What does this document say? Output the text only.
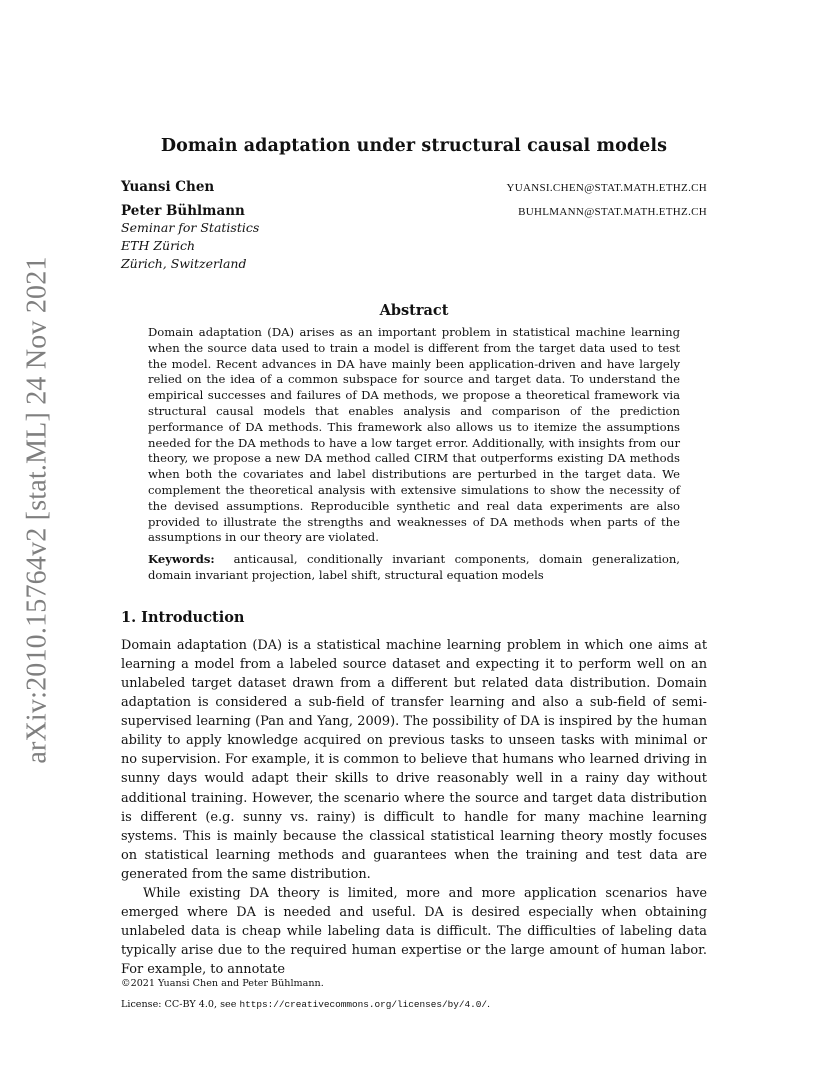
arXiv:2010.15764v2 [stat.ML] 24 Nov 2021
Domain adaptation under structural causal models
Yuansi Chen	YUANSI.CHEN@STAT.MATH.ETHZ.CH
Peter Bühlmann	BUHLMANN@STAT.MATH.ETHZ.CH
Seminar for Statistics
ETH Zürich
Zürich, Switzerland
Abstract

Domain adaptation (DA) arises as an important problem in statistical machine learning when the source data used to train a model is different from the target data used to test the model. Recent advances in DA have mainly been application-driven and have largely relied on the idea of a common subspace for source and target data. To understand the empirical successes and failures of DA methods, we propose a theoretical framework via structural causal models that enables analysis and comparison of the prediction performance of DA methods. This framework also allows us to itemize the assumptions needed for the DA methods to have a low target error. Additionally, with insights from our theory, we propose a new DA method called CIRM that outperforms existing DA methods when both the covariates and label distributions are perturbed in the target data. We complement the theoretical analysis with extensive simulations to show the necessity of the devised assumptions. Reproducible synthetic and real data experiments are also provided to illustrate the strengths and weaknesses of DA methods when parts of the assumptions in our theory are violated.

Keywords: anticausal, conditionally invariant components, domain generalization, domain invariant projection, label shift, structural equation models

1. Introduction

Domain adaptation (DA) is a statistical machine learning problem in which one aims at learning a model from a labeled source dataset and expecting it to perform well on an unlabeled target dataset drawn from a different but related data distribution. Domain adaptation is considered a sub-field of transfer learning and also a sub-field of semi-supervised learning (Pan and Yang, 2009). The possibility of DA is inspired by the human ability to apply knowledge acquired on previous tasks to unseen tasks with minimal or no supervision. For example, it is common to believe that humans who learned driving in sunny days would adapt their skills to drive reasonably well in a rainy day without additional training. However, the scenario where the source and target data distribution is different (e.g. sunny vs. rainy) is difficult to handle for many machine learning systems. This is mainly because the classical statistical learning theory mostly focuses on statistical learning methods and guarantees when the training and test data are generated from the same distribution.

While existing DA theory is limited, more and more application scenarios have emerged where DA is needed and useful. DA is desired especially when obtaining unlabeled data is cheap while labeling data is difficult. The difficulties of labeling data typically arise due to the required human expertise or the large amount of human labor. For example, to annotate

©2021 Yuansi Chen and Peter Bühlmann.

License: CC-BY 4.0, see https://creativecommons.org/licenses/by/4.0/.
